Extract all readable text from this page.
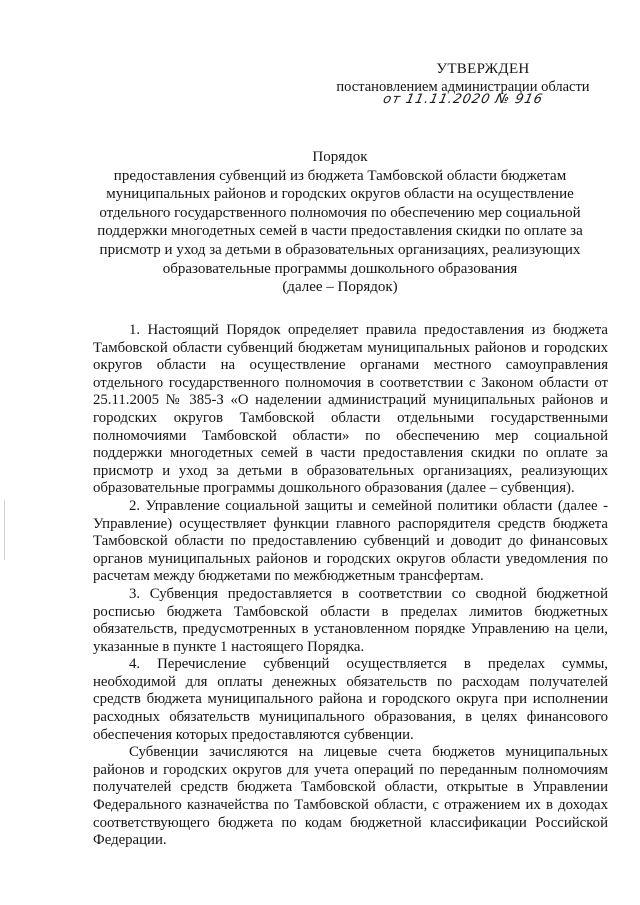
УТВЕРЖДЕН
постановлением администрации области
от 11.11.2020 № 916

Порядок

предоставления субвенций из бюджета Тамбовской области бюджетам

муниципальных районов и городских округов области на осуществление

отдельного государственного полномочия по обеспечению мер социальной

поддержки многодетных семей в части предоставления скидки по оплате за

присмотр и уход за детьми в образовательных организациях, реализующих

образовательные программы дошкольного образования

(далее – Порядок)

1. Настоящий Порядок определяет правила предоставления из бюджета Тамбовской области субвенций бюджетам муниципальных районов и городских округов области на осуществление органами местного самоуправления отдельного государственного полномочия в соответствии с Законом области от 25.11.2005 № 385-З «О наделении администраций муниципальных районов и городских округов Тамбовской области отдельными государственными полномочиями Тамбовской области» по обеспечению мер социальной поддержки многодетных семей в части предоставления скидки по оплате за присмотр и уход за детьми в образовательных организациях, реализующих образовательные программы дошкольного образования (далее – субвенция).

2. Управление социальной защиты и семейной политики области (далее - Управление) осуществляет функции главного распорядителя средств бюджета Тамбовской области по предоставлению субвенций и доводит до финансовых органов муниципальных районов и городских округов области уведомления по расчетам между бюджетами по межбюджетным трансфертам.

3. Субвенция предоставляется в соответствии со сводной бюджетной росписью бюджета Тамбовской области в пределах лимитов бюджетных обязательств, предусмотренных в установленном порядке Управлению на цели, указанные в пункте 1 настоящего Порядка.

4. Перечисление субвенций осуществляется в пределах суммы, необходимой для оплаты денежных обязательств по расходам получателей средств бюджета муниципального района и городского округа при исполнении расходных обязательств муниципального образования, в целях финансового обеспечения которых предоставляются субвенции.

Субвенции зачисляются на лицевые счета бюджетов муниципальных районов и городских округов для учета операций по переданным полномочиям получателей средств бюджета Тамбовской области, открытые в Управлении Федерального казначейства по Тамбовской области, с отражением их в доходах соответствующего бюджета по кодам бюджетной классификации Российской Федерации.
